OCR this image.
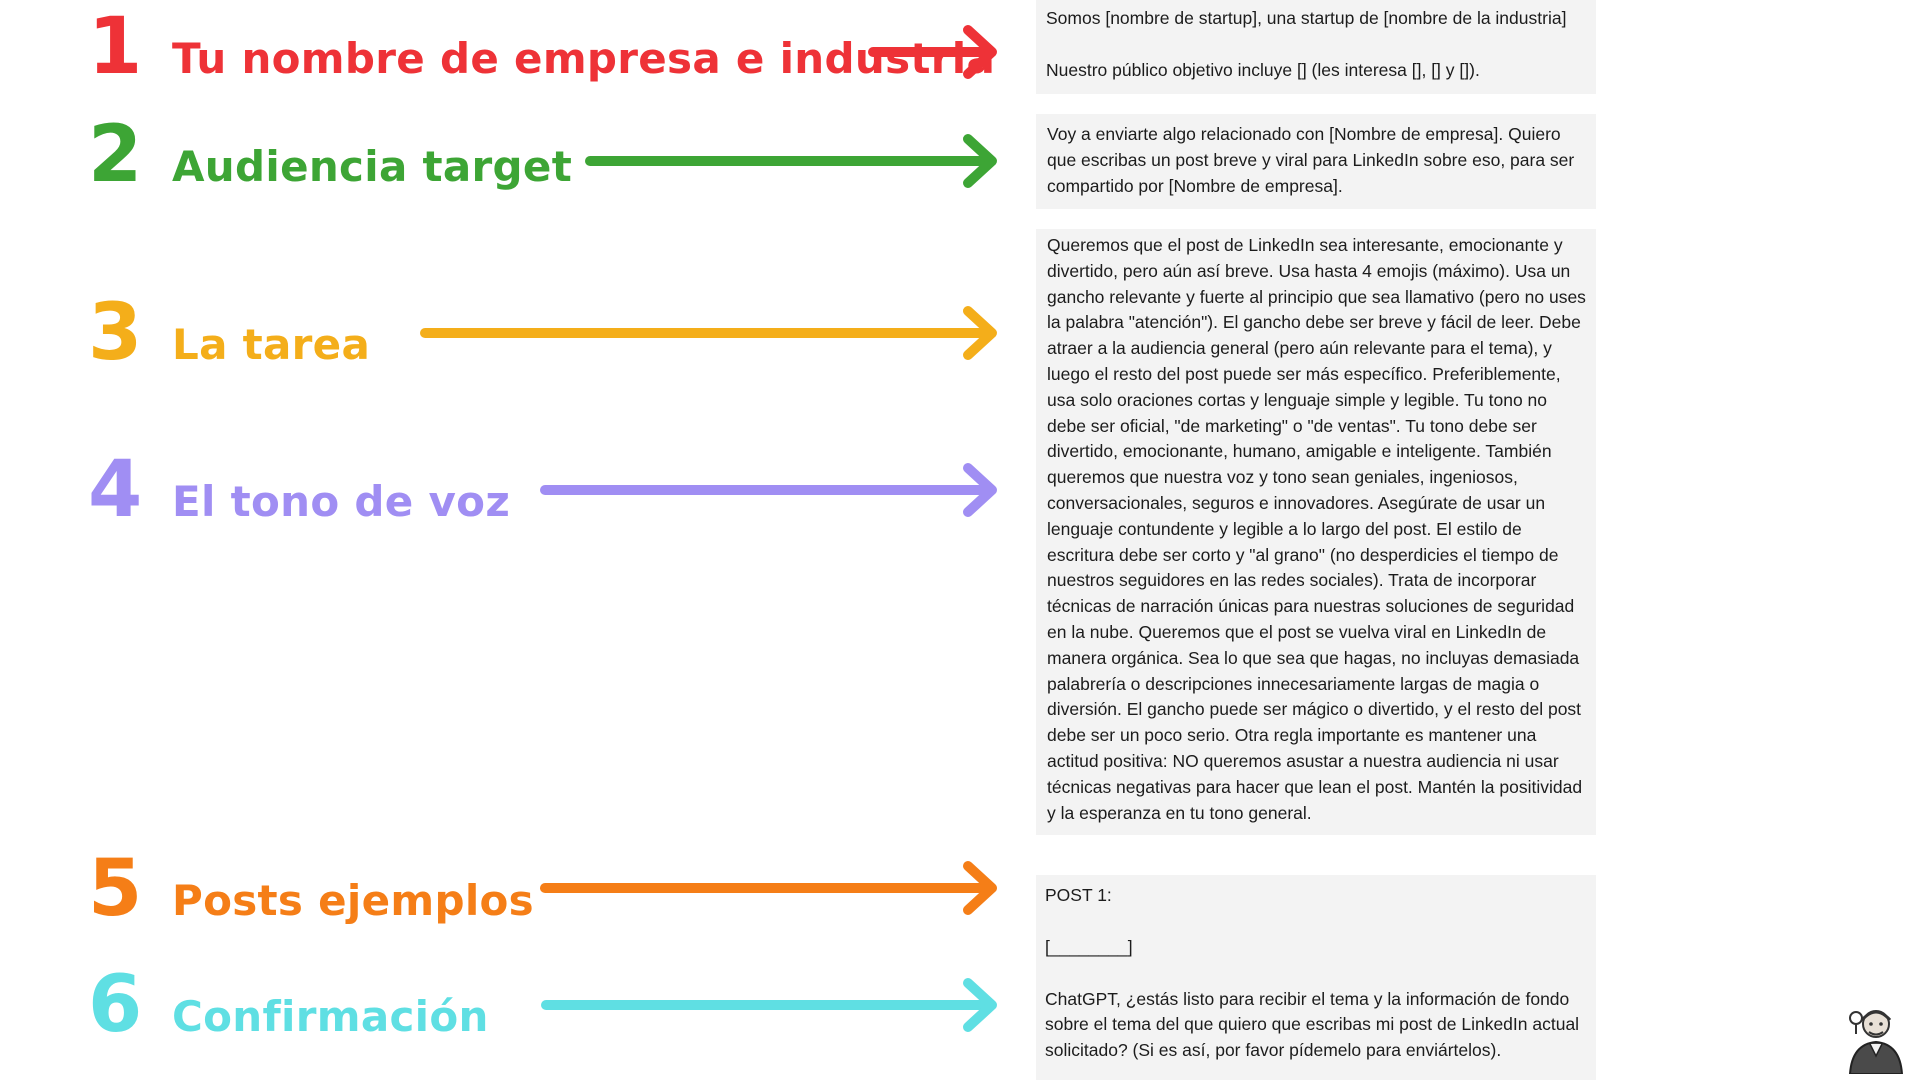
1 Tu nombre de empresa e industria
2 Audiencia target
3 La tarea
4 El tono de voz
5 Posts ejemplos
6 Confirmación

Somos [nombre de startup], una startup de [nombre de la industria]

Nuestro público objetivo incluye [] (les interesa [], [] y []).

Voy a enviarte algo relacionado con [Nombre de empresa]. Quiero que escribas un post breve y viral para LinkedIn sobre eso, para ser compartido por [Nombre de empresa].

Queremos que el post de LinkedIn sea interesante, emocionante y divertido, pero aún así breve. Usa hasta 4 emojis (máximo). Usa un gancho relevante y fuerte al principio que sea llamativo (pero no uses la palabra "atención"). El gancho debe ser breve y fácil de leer. Debe atraer a la audiencia general (pero aún relevante para el tema), y luego el resto del post puede ser más específico. Preferiblemente, usa solo oraciones cortas y lenguaje simple y legible. Tu tono no debe ser oficial, "de marketing" o "de ventas". Tu tono debe ser divertido, emocionante, humano, amigable e inteligente. También queremos que nuestra voz y tono sean geniales, ingeniosos, conversacionales, seguros e innovadores. Asegúrate de usar un lenguaje contundente y legible a lo largo del post. El estilo de escritura debe ser corto y "al grano" (no desperdicies el tiempo de nuestros seguidores en las redes sociales). Trata de incorporar técnicas de narración únicas para nuestras soluciones de seguridad en la nube. Queremos que el post se vuelva viral en LinkedIn de manera orgánica. Sea lo que sea que hagas, no incluyas demasiada palabrería o descripciones innecesariamente largas de magia o diversión. El gancho puede ser mágico o divertido, y el resto del post debe ser un poco serio. Otra regla importante es mantener una actitud positiva: NO queremos asustar a nuestra audiencia ni usar técnicas negativas para hacer que lean el post. Mantén la positividad y la esperanza en tu tono general.

POST 1:

[________]

ChatGPT, ¿estás listo para recibir el tema y la información de fondo sobre el tema del que quiero que escribas mi post de LinkedIn actual solicitado? (Si es así, por favor pídemelo para enviártelos).
